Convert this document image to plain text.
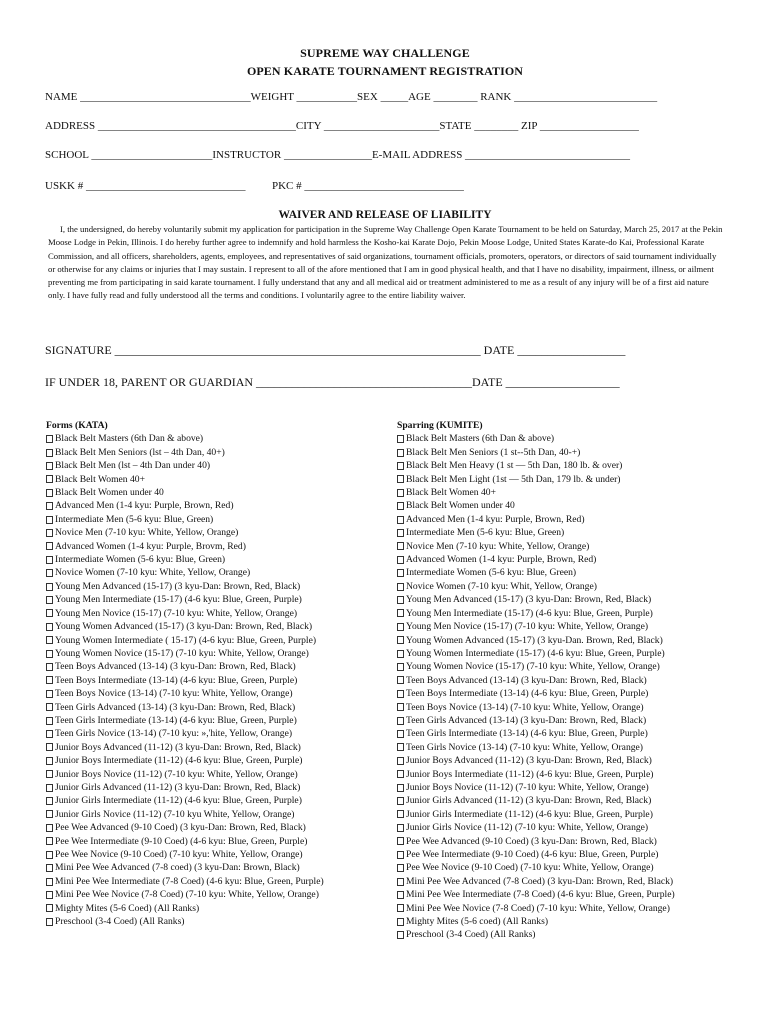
SUPREME WAY CHALLENGE
OPEN KARATE TOURNAMENT REGISTRATION
NAME _______________________________WEIGHT ___________SEX _____AGE ________ RANK __________________________
ADDRESS ____________________________________CITY _____________________STATE ________ ZIP __________________
SCHOOL ______________________INSTRUCTOR ________________E-MAIL ADDRESS ______________________________
USKK # _____________________________ PKC # _____________________________
WAIVER AND RELEASE OF LIABILITY
I, the undersigned, do hereby voluntarily submit my application for participation in the Supreme Way Challenge Open Karate Tournament to be held on Saturday, March 25, 2017 at the Pekin Moose Lodge in Pekin, Illinois. I do hereby further agree to indemnify and hold harmless the Kosho-kai Karate Dojo, Pekin Moose Lodge, United States Karate-do Kai, Professional Karate Commission, and all officers, shareholders, agents, employees, and representatives of said organizations, tournament officials, promoters, operators, or directors of said tournament individually or otherwise for any claims or injuries that I may sustain. I represent to all of the afore mentioned that I am in good physical health, and that I have no disability, impairment, illness, or ailment preventing me from participating in said karate tournament. I fully understand that any and all medical aid or treatment administered to me as a result of any injury will be of a first aid nature only. I have fully read and fully understood all the terms and conditions. I voluntarily agree to the entire liability waiver.
SIGNATURE _____________________________________________________________ DATE __________________
IF UNDER 18, PARENT OR GUARDIAN ____________________________________DATE ___________________
Forms (KATA)
Black Belt Masters (6th Dan & above)
Black Belt Men Seniors (lst – 4th Dan, 40+)
Black Belt Men (lst – 4th Dan under 40)
Black Belt Women 40+
Black Belt Women under 40
Advanced Men (1-4 kyu: Purple, Brown, Red)
Intermediate Men (5-6 kyu: Blue, Green)
Novice Men (7-10 kyu: White, Yellow, Orange)
Advanced Women (1-4 kyu: Purple, Brovm, Red)
Intermediate Women (5-6 kyu: Blue, Green)
Novice Women (7-10 kyu: White, Yellow, Orange)
Young Men Advanced (15-17) (3 kyu-Dan: Brown, Red, Black)
Young Men Intermediate (15-17) (4-6 kyu: Blue, Green, Purple)
Young Men Novice (15-17) (7-10 kyu: White, Yellow, Orange)
Young Women Advanced (15-17) (3 kyu-Dan: Brown, Red, Black)
Young Women Intermediate ( 15-17) (4-6 kyu: Blue, Green, Purple)
Young Women Novice (15-17) (7-10 kyu: White, Yellow, Orange)
Teen Boys Advanced (13-14) (3 kyu-Dan: Brown, Red, Black)
Teen Boys Intermediate (13-14) (4-6 kyu: Blue, Green, Purple)
Teen Boys Novice (13-14) (7-10 kyu: White, Yellow, Orange)
Teen Girls Advanced (13-14) (3 kyu-Dan: Brown, Red, Black)
Teen Girls Intermediate (13-14) (4-6 kyu: Blue, Green, Purple)
Teen Girls Novice (13-14) (7-10 kyu: »,'hite, Yellow, Orange)
Junior Boys Advanced (11-12) (3 kyu-Dan: Brown, Red, Black)
Junior Boys Intermediate (11-12) (4-6 kyu: Blue, Green, Purple)
Junior Boys Novice (11-12) (7-10 kyu: White, Yellow, Orange)
Junior Girls Advanced (11-12) (3 kyu-Dan: Brown, Red, Black)
Junior Girls Intermediate (11-12) (4-6 kyu: Blue, Green, Purple)
Junior Girls Novice (11-12) (7-10 kyu White, Yellow, Orange)
Pee Wee Advanced (9-10 Coed) (3 kyu-Dan: Brown, Red, Black)
Pee Wee Intermediate (9-10 Coed) (4-6 kyu: Blue, Green, Purple)
Pee Wee Novice (9-10 Coed) (7-10 kyu: White, Yellow, Orange)
Mini Pee Wee Advanced (7-8 coed) (3 kyu-Dan: Brown, Black)
Mini Pee Wee Intermediate (7-8 Coed) (4-6 kyu: Blue, Green, Purple)
Mini Pee Wee Novice (7-8 Coed) (7-10 kyu: White, Yellow, Orange)
Mighty Mites (5-6 Coed) (All Ranks)
Preschool (3-4 Coed) (All Ranks)
Sparring (KUMITE)
Black Belt Masters (6th Dan & above)
Black Belt Men Seniors (1 st--5th Dan, 40-+)
Black Belt Men Heavy (1 st — 5th Dan, 180 lb. & over)
Black Belt Men Light (1st — 5th Dan, 179 lb. & under)
Black Belt Women 40+
Black Belt Women under 40
Advanced Men (1-4 kyu: Purple, Brown, Red)
Intermediate Men (5-6 kyu: Blue, Green)
Novice Men (7-10 kyu: White, Yellow, Orange)
Advanced Women (1-4 kyu: Purple, Brown, Red)
Intermediate Women (5-6 kyu: Blue, Green)
Novice Women (7-10 kyu: Whit, Yellow, Orange)
Young Men Advanced (15-17) (3 kyu-Dan: Brown, Red, Black)
Young Men Intermediate (15-17) (4-6 kyu: Blue, Green, Purple)
Young Men Novice (15-17) (7-10 kyu: White, Yellow, Orange)
Young Women Advanced (15-17) (3 kyu-Dan. Brown, Red, Black)
Young Women Intermediate (15-17) (4-6 kyu: Blue, Green, Purple)
Young Women Novice (15-17) (7-10 kyu: White, Yellow, Orange)
Teen Boys Advanced (13-14) (3 kyu-Dan: Brown, Red, Black)
Teen Boys Intermediate (13-14) (4-6 kyu: Blue, Green, Purple)
Teen Boys Novice (13-14) (7-10 kyu: White, Yellow, Orange)
Teen Girls Advanced (13-14) (3 kyu-Dan: Brown, Red, Black)
Teen Girls Intermediate (13-14) (4-6 kyu: Blue, Green, Purple)
Teen Girls Novice (13-14) (7-10 kyu: White, Yellow, Orange)
Junior Boys Advanced (11-12) (3 kyu-Dan: Brown, Red, Black)
Junior Boys Intermediate (11-12) (4-6 kyu: Blue, Green, Purple)
Junior Boys Novice (11-12) (7-10 kyu: White, Yellow, Orange)
Junior Girls Advanced (11-12) (3 kyu-Dan: Brown, Red, Black)
Junior Girls Intermediate (11-12) (4-6 kyu: Blue, Green, Purple)
Junior Girls Novice (11-12) (7-10 kyu: White, Yellow, Orange)
Pee Wee Advanced (9-10 Coed) (3 kyu-Dan: Brown, Red, Black)
Pee Wee Intermediate (9-10 Coed) (4-6 kyu: Blue, Green, Purple)
Pee Wee Novice (9-10 Coed) (7-10 kyu: White, Yellow, Orange)
Mini Pee Wee Advanced (7-8 Coed) (3 kyu-Dan: Brown, Red, Black)
Mini Pee Wee Intermediate (7-8 Coed) (4-6 kyu: Blue, Green, Purple)
Mini Pee Wee Novice (7-8 Coed) (7-10 kyu: White, Yellow, Orange)
Mighty Mites (5-6 coed) (All Ranks)
Preschool (3-4 Coed) (All Ranks)
